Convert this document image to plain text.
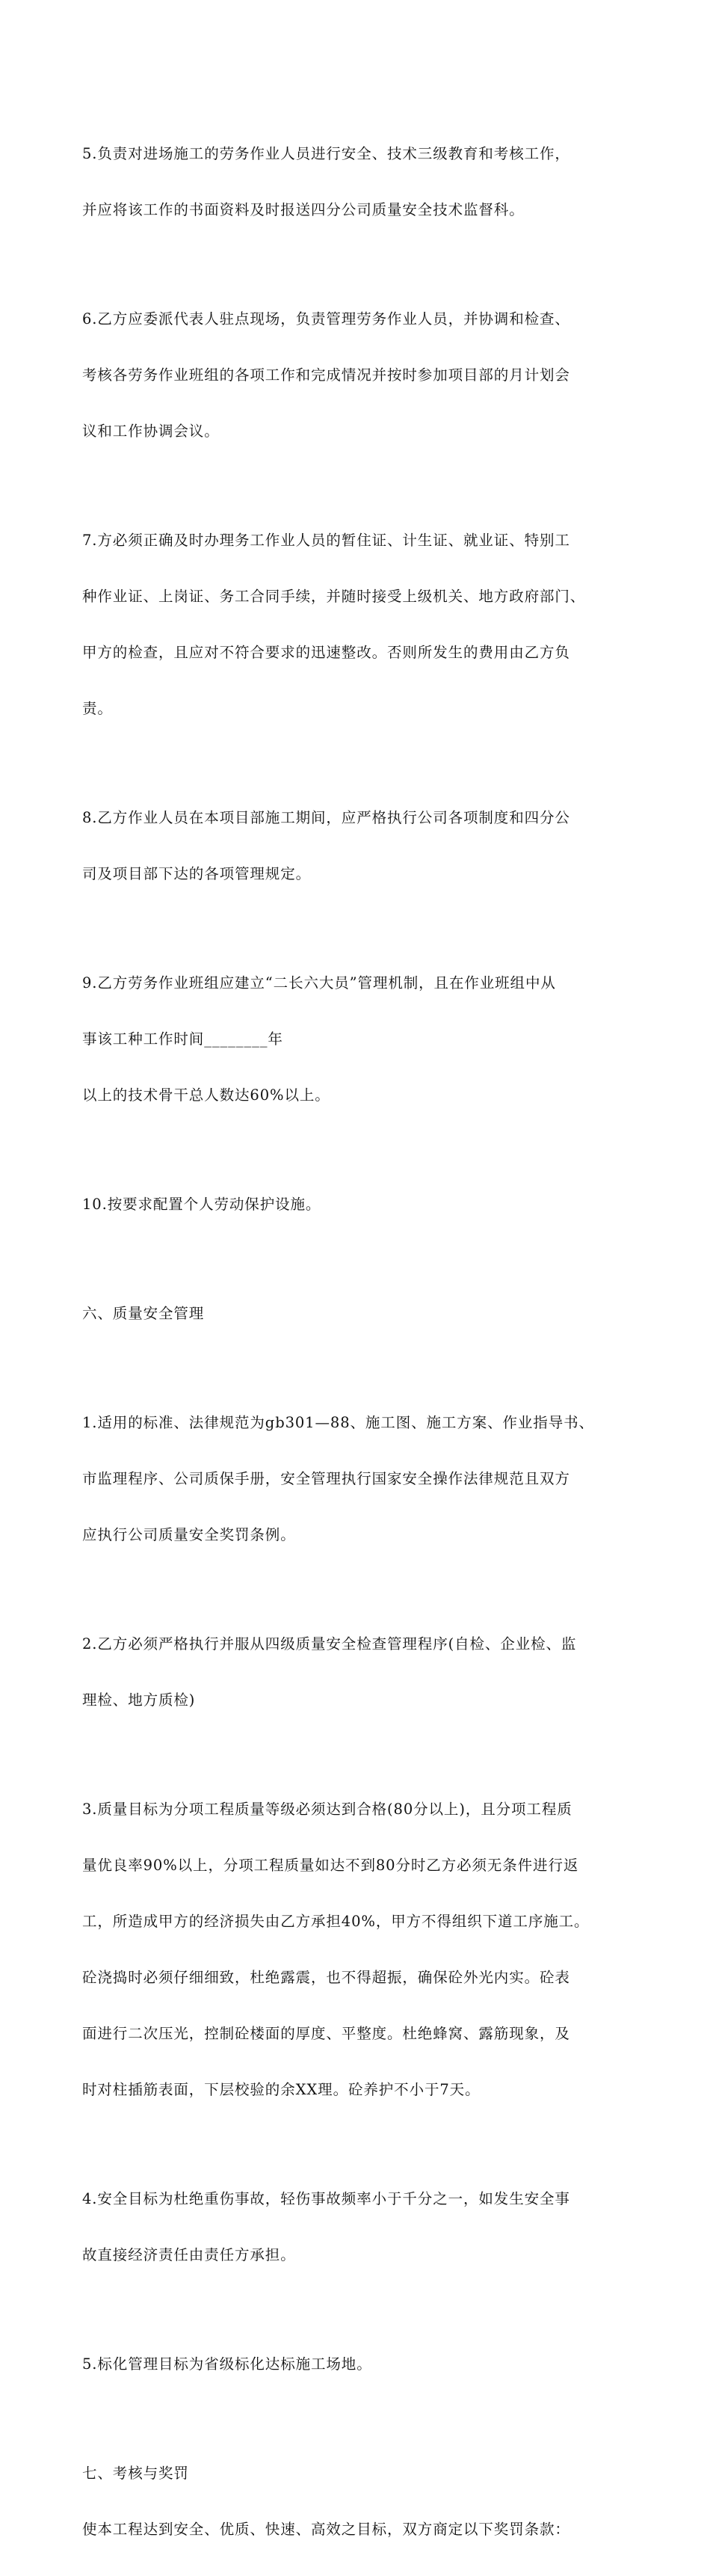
5.负责对进场施工的劳务作业人员进行安全、技术三级教育和考核工作，

并应将该工作的书面资料及时报送四分公司质量安全技术监督科。

6.乙方应委派代表人驻点现场，负责管理劳务作业人员，并协调和检查、

考核各劳务作业班组的各项工作和完成情况并按时参加项目部的月计划会

议和工作协调会议。

7.方必须正确及时办理务工作业人员的暂住证、计生证、就业证、特别工

种作业证、上岗证、务工合同手续，并随时接受上级机关、地方政府部门、

甲方的检查，且应对不符合要求的迅速整改。否则所发生的费用由乙方负

责。

8.乙方作业人员在本项目部施工期间，应严格执行公司各项制度和四分公

司及项目部下达的各项管理规定。

9.乙方劳务作业班组应建立“二长六大员”管理机制，且在作业班组中从

事该工种工作时间________年

以上的技术骨干总人数达60%以上。

10.按要求配置个人劳动保护设施。

六、质量安全管理

1.适用的标准、法律规范为gb301—88、施工图、施工方案、作业指导书、

市监理程序、公司质保手册，安全管理执行国家安全操作法律规范且双方

应执行公司质量安全奖罚条例。

2.乙方必须严格执行并服从四级质量安全检查管理程序(自检、企业检、监

理检、地方质检)

3.质量目标为分项工程质量等级必须达到合格(80分以上)，且分项工程质

量优良率90%以上，分项工程质量如达不到80分时乙方必须无条件进行返

工，所造成甲方的经济损失由乙方承担40%，甲方不得组织下道工序施工。

砼浇捣时必须仔细细致，杜绝露震，也不得超振，确保砼外光内实。砼表

面进行二次压光，控制砼楼面的厚度、平整度。杜绝蜂窝、露筋现象，及

时对柱插筋表面，下层校验的余XX理。砼养护不小于7天。

4.安全目标为杜绝重伤事故，轻伤事故频率小于千分之一，如发生安全事

故直接经济责任由责任方承担。

5.标化管理目标为省级标化达标施工场地。

七、考核与奖罚

使本工程达到安全、优质、快速、高效之目标，双方商定以下奖罚条款：
